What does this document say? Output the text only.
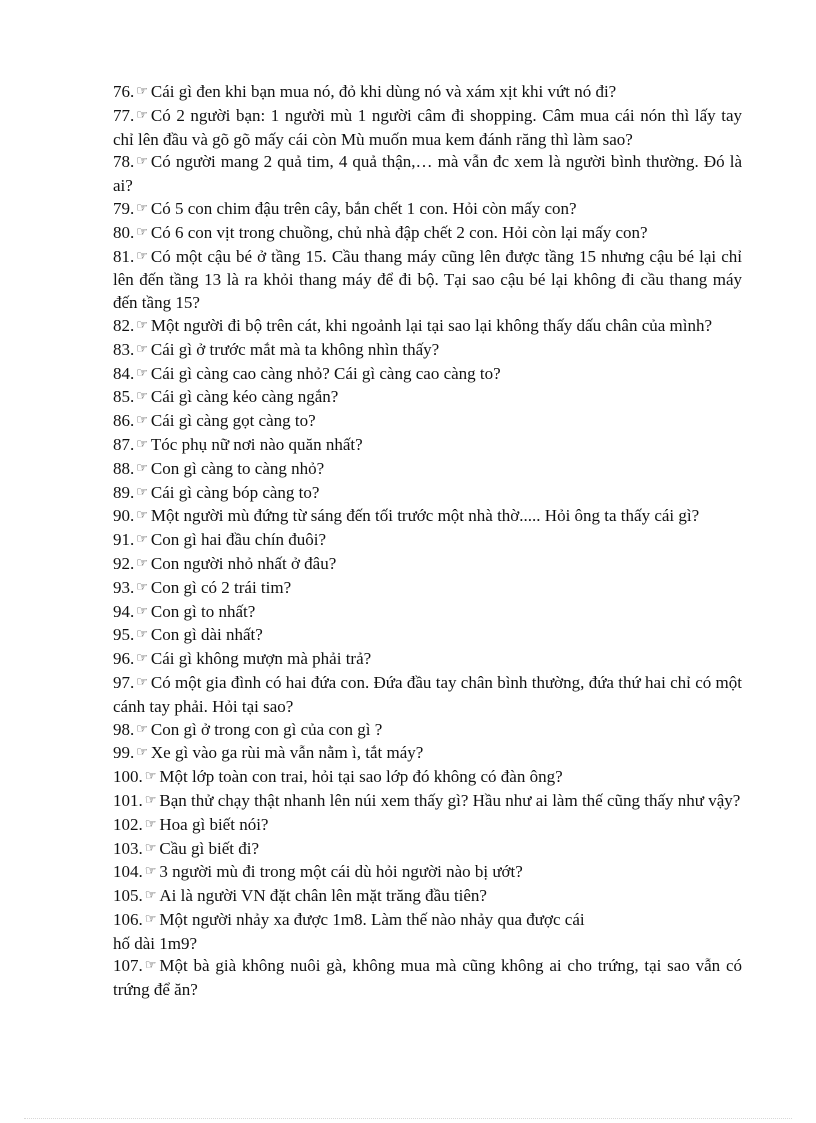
76. ☞ Cái gì đen khi bạn mua nó, đỏ khi dùng nó và xám xịt khi vứt nó đi?

77. ☞ Có 2 người bạn: 1 người mù 1 người câm đi shopping. Câm mua cái nón thì lấy tay chỉ lên đầu và gõ gõ mấy cái còn Mù muốn mua kem đánh răng thì làm sao?

78. ☞ Có người mang 2 quả tim, 4 quả thận,… mà vẫn đc xem là người bình thường. Đó là ai?

79. ☞ Có 5 con chim đậu trên cây, bắn chết 1 con. Hỏi còn mấy con?

80. ☞ Có 6 con vịt trong chuồng, chủ nhà đập chết 2 con. Hỏi còn lại mấy con?

81. ☞ Có một cậu bé ở tầng 15. Cầu thang máy cũng lên được tầng 15 nhưng cậu bé lại chỉ lên đến tầng 13 là ra khỏi thang máy để đi bộ. Tại sao cậu bé lại không đi cầu thang máy đến tầng 15?

82. ☞ Một người đi bộ trên cát, khi ngoảnh lại tại sao lại không thấy dấu chân của mình?

83. ☞ Cái gì ở trước mắt mà ta không nhìn thấy?

84. ☞ Cái gì càng cao càng nhỏ? Cái gì càng cao càng to?

85. ☞ Cái gì càng kéo càng ngắn?

86. ☞ Cái gì càng gọt càng to?

87. ☞ Tóc phụ nữ nơi nào quăn nhất?

88. ☞ Con gì càng to càng nhỏ?

89. ☞ Cái gì càng bóp càng to?

90. ☞ Một người mù đứng từ sáng đến tối trước một nhà thờ..... Hỏi ông ta thấy cái gì?

91. ☞ Con gì hai đầu chín đuôi?

92. ☞ Con người nhỏ nhất ở đâu?

93. ☞ Con gì có 2 trái tim?

94. ☞ Con gì to nhất?

95. ☞ Con gì dài nhất?

96. ☞ Cái gì không mượn mà phải trả?

97. ☞ Có một gia đình có hai đứa con. Đứa đầu tay chân bình thường, đứa thứ hai chỉ có một cánh tay phải. Hỏi tại sao?

98. ☞ Con gì ở trong con gì của con gì ?

99. ☞ Xe gì vào ga rùi mà vẫn nằm ì, tắt máy?

100. ☞ Một lớp toàn con trai, hỏi tại sao lớp đó không có đàn ông?

101. ☞ Bạn thử chạy thật nhanh lên núi xem thấy gì? Hầu như ai làm thế cũng thấy như vậy?

102. ☞ Hoa gì biết nói?

103. ☞ Cầu gì biết đi?

104. ☞ 3 người mù đi trong một cái dù hỏi người nào bị ướt?

105. ☞ Ai là người VN đặt chân lên mặt trăng đầu tiên?

106. ☞ Một người nhảy xa được 1m8. Làm thế nào nhảy qua được cái
hố dài 1m9?

107. ☞ Một bà già không nuôi gà, không mua mà cũng không ai cho trứng, tại sao vẫn có trứng để ăn?
